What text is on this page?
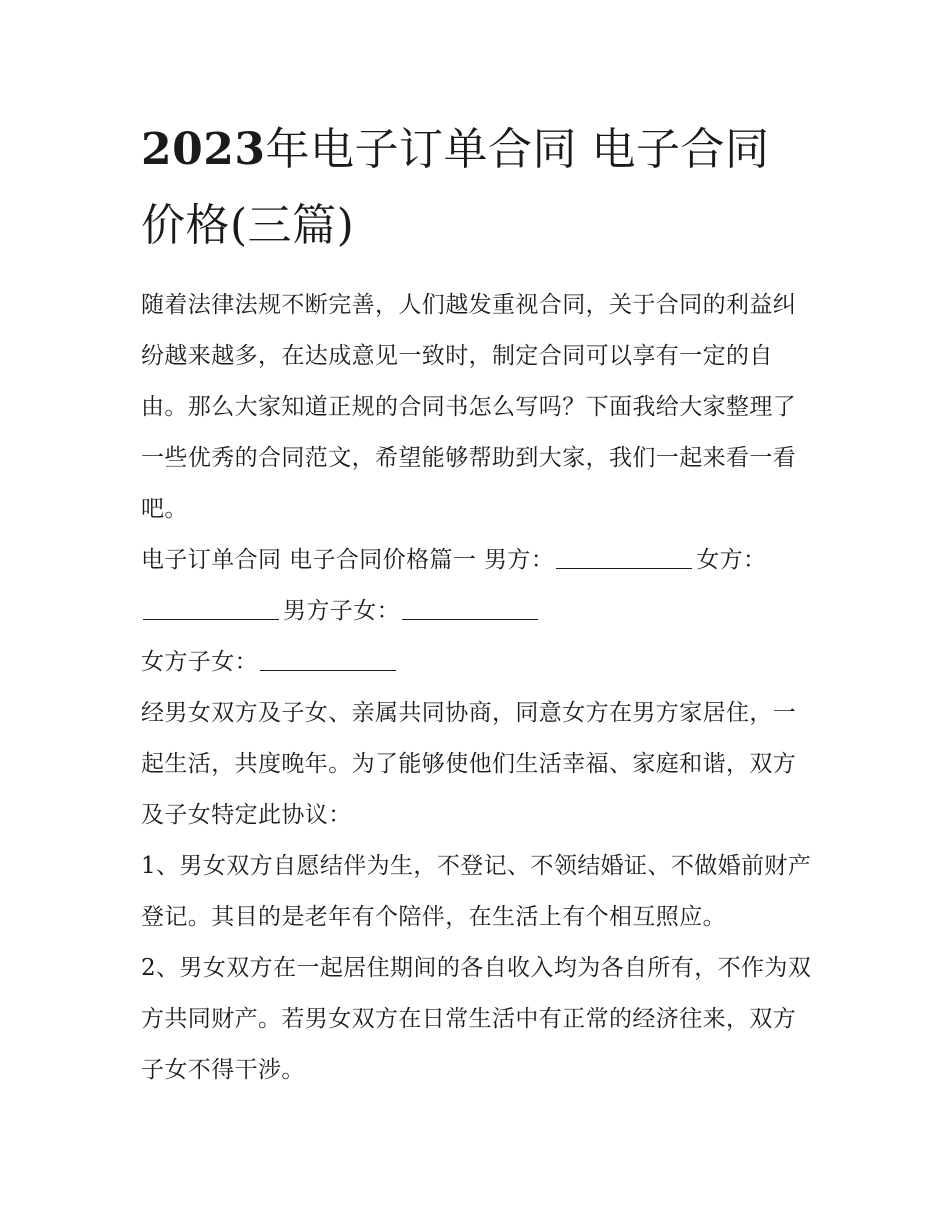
2023年电子订单合同 电子合同价格(三篇)

随着法律法规不断完善，人们越发重视合同，关于合同的利益纠纷越来越多，在达成意见一致时，制定合同可以享有一定的自由。那么大家知道正规的合同书怎么写吗？下面我给大家整理了一些优秀的合同范文，希望能够帮助到大家，我们一起来看一看吧。

电子订单合同 电子合同价格篇一 男方：	女方：男方子女：

女方子女：

经男女双方及子女、亲属共同协商，同意女方在男方家居住，一起生活，共度晚年。为了能够使他们生活幸福、家庭和谐，双方及子女特定此协议：

1、男女双方自愿结伴为生，不登记、不领结婚证、不做婚前财产登记。其目的是老年有个陪伴，在生活上有个相互照应。

2、男女双方在一起居住期间的各自收入均为各自所有，不作为双方共同财产。若男女双方在日常生活中有正常的经济往来，双方子女不得干涉。
